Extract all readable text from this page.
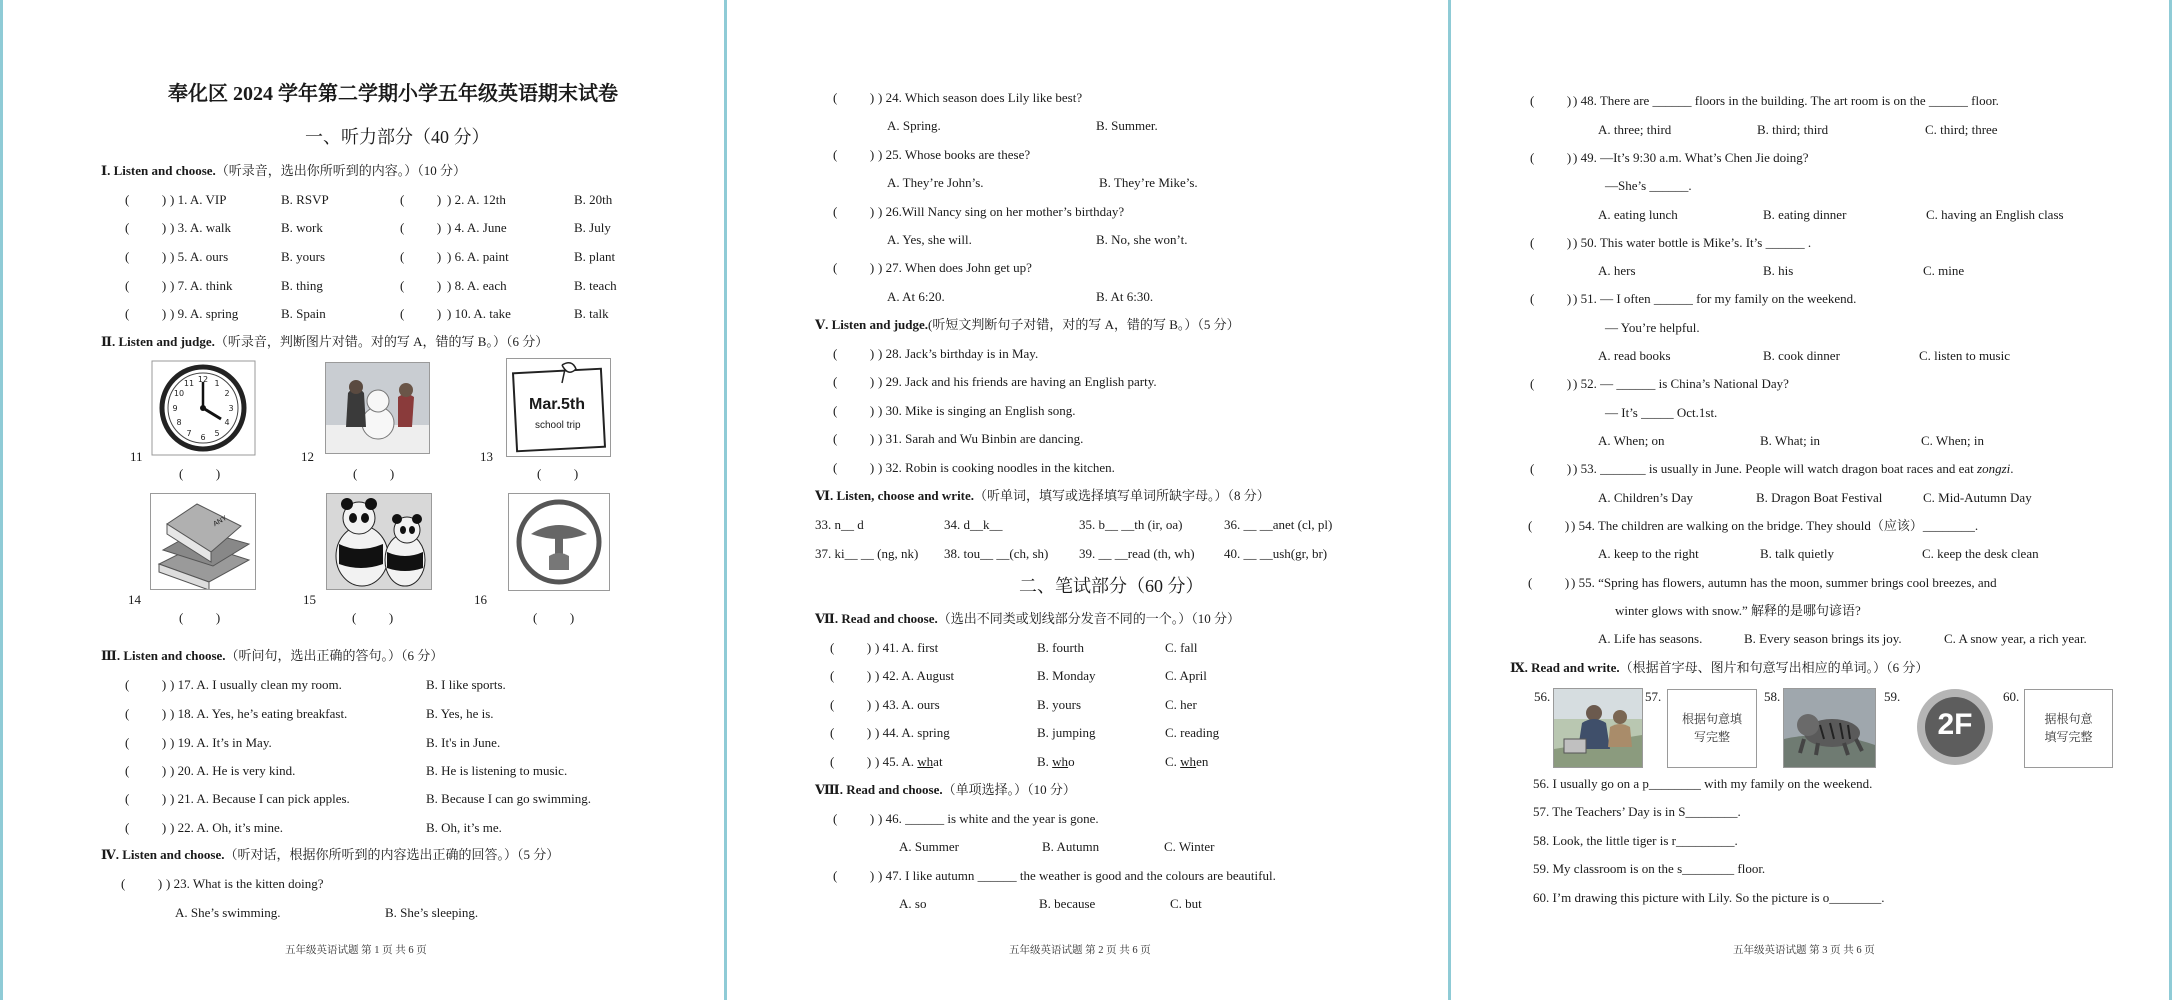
奉化区 2024 学年第二学期小学五年级英语期末试卷
一、听力部分（40 分）
Ⅰ. Listen and choose.（听录音，选出你所听到的内容。）（10 分）
(          ) ) 1. A. VIP	B. RSVP	(          ) ) 2. A. 12th	B. 20th
(          ) ) 3. A. walk	B. work	(          ) ) 4. A. June	B. July
(          ) ) 5. A. ours	B. yours	(          ) ) 6. A. paint	B. plant
(          ) ) 7. A. think	B. thing	(          ) ) 8. A. each	B. teach
(          ) ) 9. A. spring	B. Spain	(          ) ) 10. A. take	B. talk
Ⅱ. Listen and judge.（听录音，判断图片对错。对的写 A，错的写 B。）（6 分）
11
12 1
2
3
4
5
6
7
8
9
10
11
(          )
12
(          )
13
Mar.5th
school trip
(          )
14
ANY
(          )
15
(          )
16
(          )
Ⅲ. Listen and choose.（听问句，选出正确的答句。）（6 分）
(          ) ) 17. A. I usually clean my room.	B. I like sports.
(          ) ) 18. A. Yes, he’s eating breakfast.	B. Yes, he is.
(          ) ) 19. A. It’s in May.	B. It's in June.
(          ) ) 20. A. He is very kind.	B. He is listening to music.
(          ) ) 21. A. Because I can pick apples.	B. Because I can go swimming.
(          ) ) 22. A. Oh, it’s mine.	B. Oh, it’s me.
Ⅳ. Listen and choose.（听对话，根据你所听到的内容选出正确的回答。）（5 分）
(          ) ) 23. What is the kitten doing?
A. She’s swimming.	B. She’s sleeping.
五年级英语试题 第 1 页 共 6 页
(          ) ) 24. Which season does Lily like best?
A. Spring.	B. Summer.
(          ) ) 25. Whose books are these?
A. They’re John’s.	B. They’re Mike’s.
(          ) ) 26.Will Nancy sing on her mother’s birthday?
A. Yes, she will.	B. No, she won’t.
(          ) ) 27. When does John get up?
A. At 6:20.	B. At 6:30.
Ⅴ. Listen and judge.(听短文判断句子对错，对的写 A，错的写 B。）（5 分）
(          ) ) 28. Jack’s birthday is in May.
(          ) ) 29. Jack and his friends are having an English party.
(          ) ) 30. Mike is singing an English song.
(          ) ) 31. Sarah and Wu Binbin are dancing.
(          ) ) 32. Robin is cooking noodles in the kitchen.
Ⅵ. Listen, choose and write.（听单词，填写或选择填写单词所缺字母。）（8 分）
33. n__ d	34. d__k__	35. b__ __th (ir, oa)	36. __ __anet (cl, pl)
37. ki__ __ (ng, nk) 38. tou__ __(ch, sh) 39. __ __read (th, wh) 40. __ __ush(gr, br)
二、笔试部分（60 分）
Ⅶ. Read and choose.（选出不同类或划线部分发音不同的一个。）（10 分）
(          ) ) 41. A. first	B. fourth	C. fall
(          ) ) 42. A. August	B. Monday	C. April
(          ) ) 43. A. ours	B. yours	C. her
(          ) ) 44. A. spring	B. jumping	C. reading
(          ) ) 45. A. what	B. who	C. when
Ⅷ. Read and choose.（单项选择。）（10 分）
(          ) ) 46. ______ is white and the year is gone.
A. Summer	B. Autumn	C. Winter
(          ) ) 47. I like autumn ______ the weather is good and the colours are beautiful.
A. so	B. because	C. but
五年级英语试题 第 2 页 共 6 页
(          ) ) 48. There are ______ floors in the building. The art room is on the ______ floor.
A. three; third	B. third; third	C. third; three
(          ) ) 49. —It’s 9:30 a.m. What’s Chen Jie doing?
—She’s ______.
A. eating lunch	B. eating dinner	C. having an English class
(          ) ) 50. This water bottle is Mike’s. It’s ______ .
A. hers	B. his	C. mine
(          ) ) 51. — I often ______ for my family on the weekend.
— You’re helpful.
A. read books	B. cook dinner	C. listen to music
(          ) ) 52. — ______ is China’s National Day?
— It’s _____ Oct.1st.
A. When; on	B. What; in	C. When; in
(          ) ) 53. _______ is usually in June. People will watch dragon boat races and eat zongzi.
A. Children’s Day	B. Dragon Boat Festival	C. Mid-Autumn Day
(          ) ) 54. The children are walking on the bridge. They should（应该）________.
A. keep to the right	B. talk quietly	C. keep the desk clean
(          ) ) 55. “Spring has flowers, autumn has the moon, summer brings cool breezes, and
winter glows with snow.” 解释的是哪句谚语?
A. Life has seasons.	B. Every season brings its joy.	C. A snow year, a rich year.
Ⅸ. Read and write.（根据首字母、图片和句意写出相应的单词。）（6 分）
56.	57.
根据句意填写完整
58.	59.
2F
60.
据根句意填写完整
56. I usually go on a p________ with my family on the weekend.
57. The Teachers’ Day is in S________.
58. Look, the little tiger is r_________.
59. My classroom is on the s________ floor.
60. I’m drawing this picture with Lily. So the picture is o________.
五年级英语试题 第 3 页 共 6 页
